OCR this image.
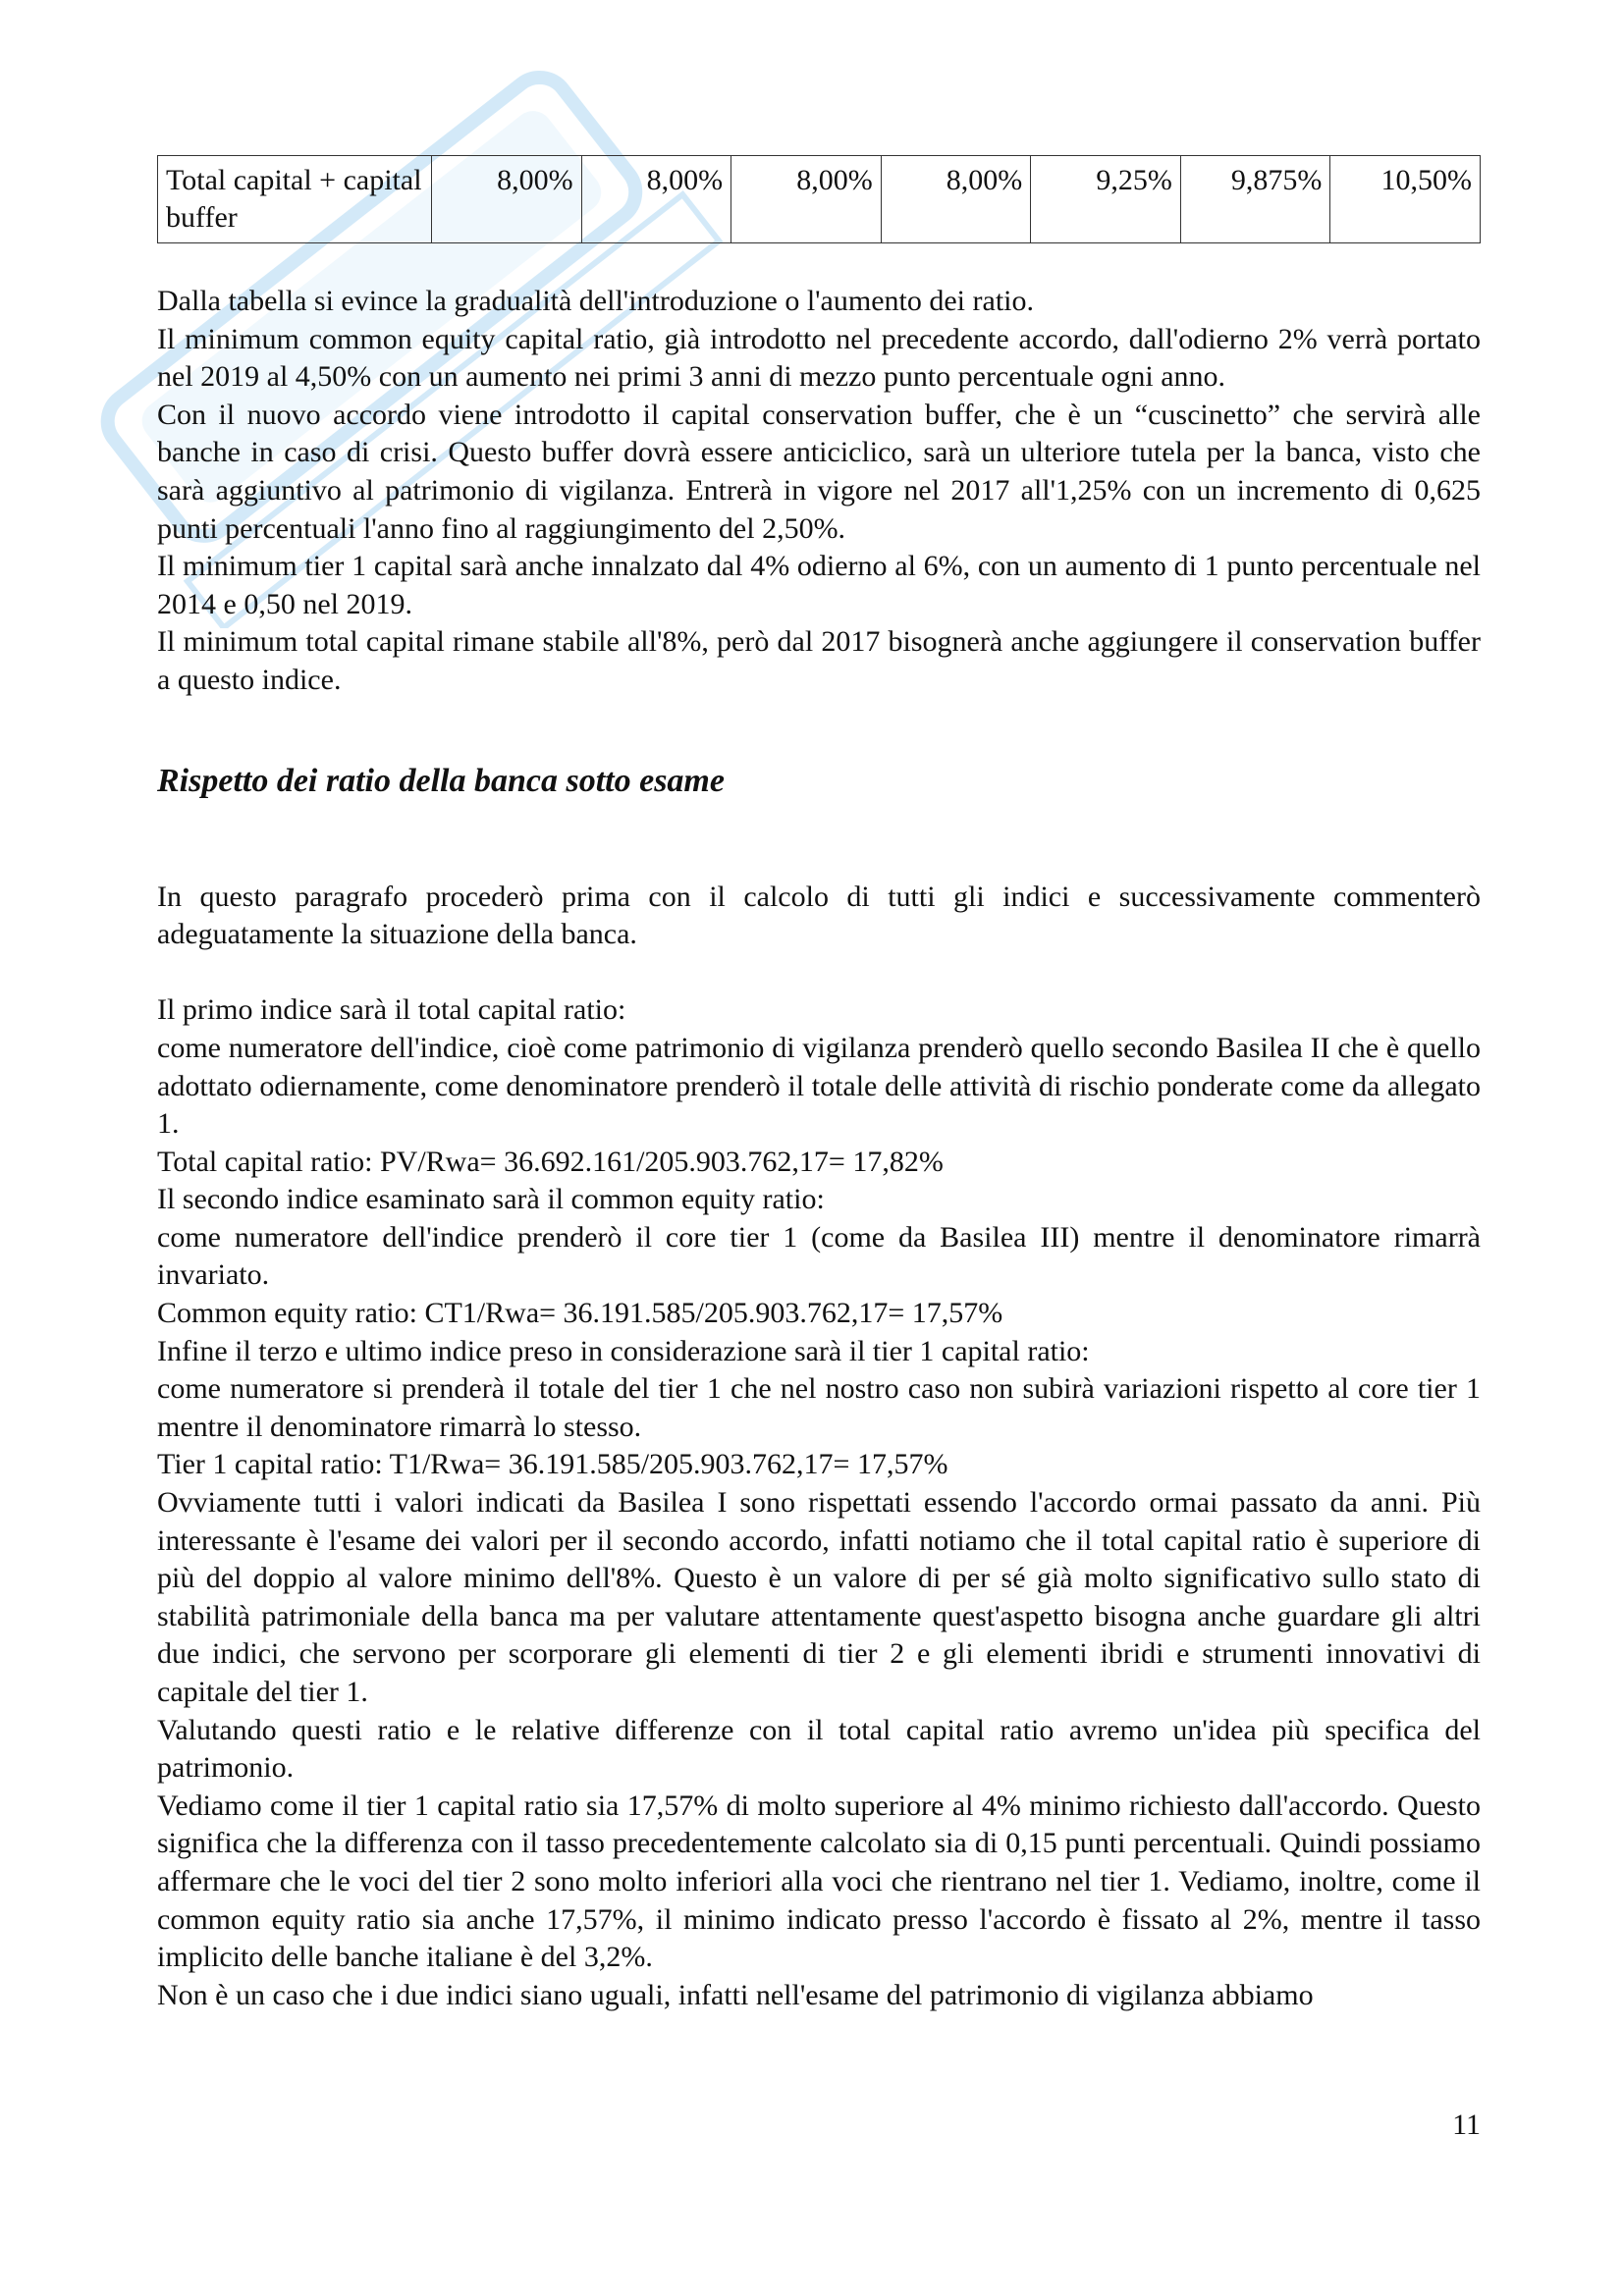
Total capital + capital buffer	8,00%	8,00%	8,00%	8,00%	9,25%	9,875%	10,50%

Dalla tabella si evince la gradualità dell'introduzione o l'aumento dei ratio.

Il minimum common equity capital ratio, già introdotto nel precedente accordo, dall'odierno 2% verrà portato nel 2019 al 4,50% con un aumento nei primi 3 anni di mezzo punto percentuale ogni anno.

Con il nuovo accordo viene introdotto il capital conservation buffer, che è un “cuscinetto” che servirà alle banche in caso di crisi. Questo buffer dovrà essere anticiclico, sarà un ulteriore tutela per la banca, visto che sarà aggiuntivo al patrimonio di vigilanza. Entrerà in vigore nel 2017 all'1,25% con un incremento di 0,625 punti percentuali l'anno fino al raggiungimento del 2,50%.

Il minimum tier 1 capital sarà anche innalzato dal 4% odierno al 6%, con un aumento di 1 punto percentuale nel 2014 e 0,50 nel 2019.

Il minimum total capital rimane stabile all'8%, però dal 2017 bisognerà anche aggiungere il conservation buffer a questo indice.

Rispetto dei ratio della banca sotto esame

In questo paragrafo procederò prima con il calcolo di tutti gli indici e successivamente commenterò adeguatamente la situazione della banca.

Il primo indice sarà il total capital ratio:

come numeratore dell'indice, cioè come patrimonio di vigilanza prenderò quello secondo Basilea II che è quello adottato odiernamente, come denominatore prenderò il totale delle attività di rischio ponderate come da allegato 1.

Total capital ratio: PV/Rwa= 36.692.161/205.903.762,17= 17,82%

Il secondo indice esaminato sarà il common equity ratio:

come numeratore dell'indice prenderò il core tier 1 (come da Basilea III) mentre il denominatore rimarrà invariato.

Common equity ratio: CT1/Rwa= 36.191.585/205.903.762,17= 17,57%

Infine il terzo e ultimo indice preso in considerazione sarà il tier 1 capital ratio:

come numeratore si prenderà il totale del tier 1 che nel nostro caso non subirà variazioni rispetto al core tier 1 mentre il denominatore rimarrà lo stesso.

Tier 1 capital ratio: T1/Rwa= 36.191.585/205.903.762,17= 17,57%

Ovviamente tutti i valori indicati da Basilea I sono rispettati essendo l'accordo ormai passato da anni. Più interessante è l'esame dei valori per il secondo accordo, infatti notiamo che il total capital ratio è superiore di più del doppio al valore minimo dell'8%. Questo è un valore di per sé già molto significativo sullo stato di stabilità patrimoniale della banca ma per valutare attentamente quest'aspetto bisogna anche guardare gli altri due indici, che servono per scorporare gli elementi di tier 2 e gli elementi ibridi e strumenti innovativi di capitale del tier 1.

Valutando questi ratio e le relative differenze con il total capital ratio avremo un'idea più specifica del patrimonio.

Vediamo come il tier 1 capital ratio sia 17,57% di molto superiore al 4% minimo richiesto dall'accordo. Questo significa che la differenza con il tasso precedentemente calcolato sia di 0,15 punti percentuali. Quindi possiamo affermare che le voci del tier 2 sono molto inferiori alla voci che rientrano nel tier 1. Vediamo, inoltre, come il common equity ratio sia anche 17,57%, il minimo indicato presso l'accordo è fissato al 2%, mentre il tasso implicito delle banche italiane è del 3,2%.

Non è un caso che i due indici siano uguali, infatti nell'esame del patrimonio di vigilanza abbiamo

11
